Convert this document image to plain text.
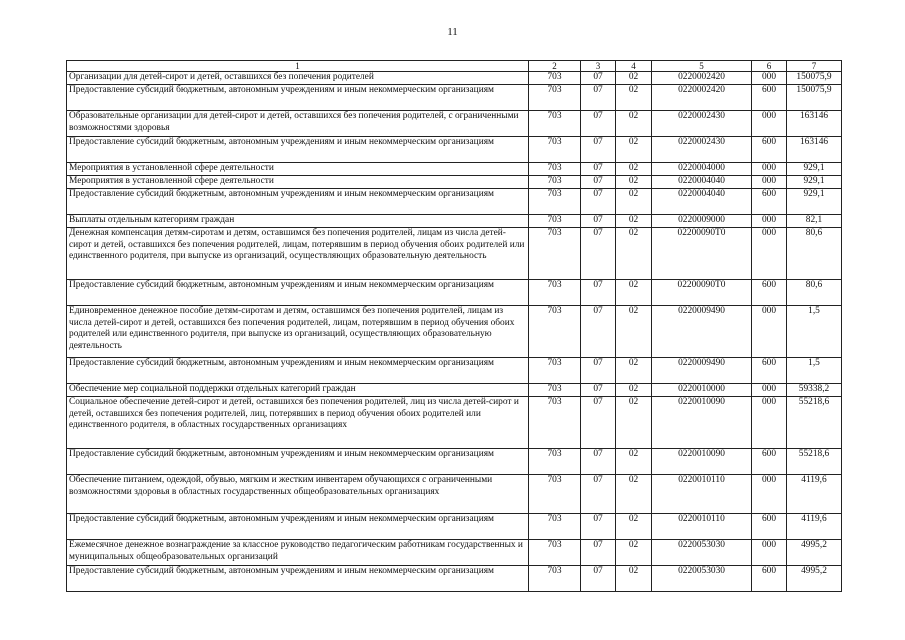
11
1	2	3	4	5	6	7
Организации для детей-сирот и детей, оставшихся без попечения родителей	703	07	02	0220002420	000	150075,9
Предоставление субсидий бюджетным, автономным учреждениям и иным некоммерческим организациям	703	07	02	0220002420	600	150075,9
Образовательные организации для детей-сирот и детей, оставшихся без попечения родителей, с ограниченными возможностями здоровья	703	07	02	0220002430	000	163146
Предоставление субсидий бюджетным, автономным учреждениям и иным некоммерческим организациям	703	07	02	0220002430	600	163146
Мероприятия в установленной сфере деятельности	703	07	02	0220004000	000	929,1
Мероприятия в установленной сфере деятельности	703	07	02	0220004040	000	929,1
Предоставление субсидий бюджетным, автономным учреждениям и иным некоммерческим организациям	703	07	02	0220004040	600	929,1
Выплаты отдельным категориям граждан	703	07	02	0220009000	000	82,1
Денежная компенсация детям-сиротам и детям, оставшимся без попечения родителей, лицам из числа детей-сирот и детей, оставшихся без попечения родителей, лицам, потерявшим в период обучения обоих родителей или единственного родителя, при выпуске из организаций, осуществляющих образовательную деятельность	703	07	02	02200090Т0	000	80,6
Предоставление субсидий бюджетным, автономным учреждениям и иным некоммерческим организациям	703	07	02	02200090Т0	600	80,6
Единовременное денежное пособие детям-сиротам и детям, оставшимся без попечения родителей, лицам из числа детей-сирот и детей, оставшихся без попечения родителей, лицам, потерявшим в период обучения обоих родителей или единственного родителя, при выпуске из организаций, осуществляющих образовательную деятельность	703	07	02	0220009490	000	1,5
Предоставление субсидий бюджетным, автономным учреждениям и иным некоммерческим организациям	703	07	02	0220009490	600	1,5
Обеспечение мер социальной поддержки отдельных категорий граждан	703	07	02	0220010000	000	59338,2
Социальное обеспечение детей-сирот и детей, оставшихся без попечения родителей, лиц из числа детей-сирот и детей, оставшихся без попечения родителей, лиц, потерявших в период обучения обоих родителей или единственного родителя, в областных государственных организациях	703	07	02	0220010090	000	55218,6
Предоставление субсидий бюджетным, автономным учреждениям и иным некоммерческим организациям	703	07	02	0220010090	600	55218,6
Обеспечение питанием, одеждой, обувью, мягким и жестким инвентарем обучающихся с ограниченными возможностями здоровья в областных государственных общеобразовательных организациях	703	07	02	0220010110	000	4119,6
Предоставление субсидий бюджетным, автономным учреждениям и иным некоммерческим организациям	703	07	02	0220010110	600	4119,6
Ежемесячное денежное вознаграждение за классное руководство педагогическим работникам государственных и муниципальных общеобразовательных организаций	703	07	02	0220053030	000	4995,2
Предоставление субсидий бюджетным, автономным учреждениям и иным некоммерческим организациям	703	07	02	0220053030	600	4995,2
